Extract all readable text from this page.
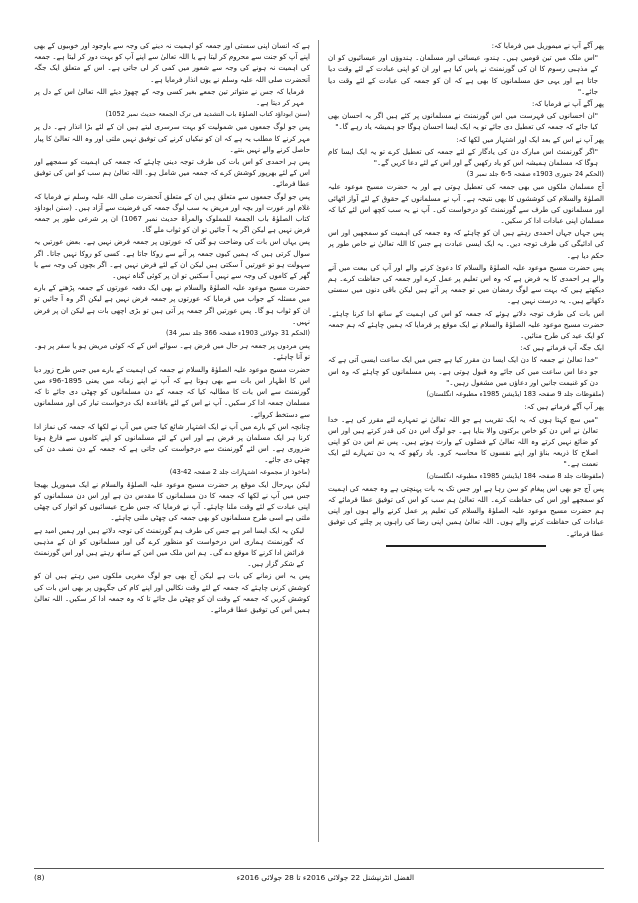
ہے کہ انسان اپنی سستی اور جمعہ کو اہمیت نہ دینے کی وجہ سے باوجود اور خوبیوں کے بھی اپنے آپ کو جنت سے محروم کر لیتا ہے یا اللہ تعالیٰ سے اپنے آپ کو بہت دور کر لیتا ہے۔ جمعہ کی اہمیت نہ ہونے کی وجہ سے شعور میں کمی کر لی جاتی ہے۔ اس کے متعلق ایک جگہ آنحضرت صلی اللہ علیہ وسلم نے یوں انذار فرمایا ہے۔

فرمایا کہ جس نے متواتر تین جمعے بغیر کسی وجہ کے چھوڑ دیئے اللہ تعالیٰ اس کے دل پر مہر کر دیتا ہے۔

(سنن ابوداؤد کتاب الصلوٰۃ باب التشدید فی ترک الجمعۃ حدیث نمبر 1052)

پس جو لوگ جمعوں میں شمولیت کو بہت سرسری لیتے ہیں ان کے لئے بڑا انذار ہے۔ دل پر مہر کرنے کا مطلب یہ ہے کہ ان کو نیکیاں کرنے کی توفیق نہیں ملتی اور وہ اللہ تعالیٰ کا پیار حاصل کرنے والے نہیں بنتے۔

پس ہر احمدی کو اس بات کی طرف توجہ دینی چاہئے کہ جمعہ کی اہمیت کو سمجھے اور اس کے لئے بھرپور کوشش کرے کہ جمعہ میں شامل ہو۔ اللہ تعالیٰ ہم سب کو اس کی توفیق عطا فرمائے۔

پس جو لوگ جمعوں سے متعلق ہیں ان کے متعلق آنحضرت صلی اللہ علیہ وسلم نے فرمایا کہ غلام اور عورت اور بچہ اور مریض یہ سب لوگ جمعہ کی فرضیت سے آزاد ہیں۔ (سنن ابوداؤد کتاب الصلوٰۃ باب الجمعۃ للمملوک والمرأۃ حدیث نمبر 1067) ان پر شرعی طور پر جمعہ فرض نہیں ہے لیکن اگر یہ آ جائیں تو ان کو ثواب ملے گا۔

پس یہاں اس بات کی وضاحت ہو گئی کہ عورتوں پر جمعہ فرض نہیں ہے۔ بعض عورتیں یہ سوال کرتی ہیں کہ ہمیں کیوں جمعہ پر آنے سے روکا جاتا ہے۔ کسی کو روکا نہیں جاتا۔ اگر سہولت ہو تو عورتیں آ سکتی ہیں لیکن ان کے لئے فرض نہیں ہے۔ اگر بچوں کی وجہ سے یا گھر کے کاموں کی وجہ سے نہیں آ سکتیں تو ان پر کوئی گناہ نہیں۔

حضرت مسیح موعود علیہ الصلوٰۃ والسلام نے بھی ایک دفعہ عورتوں کے جمعہ پڑھنے کے بارے میں مسئلہ کے جواب میں فرمایا کہ عورتوں پر جمعہ فرض نہیں ہے لیکن اگر وہ آ جائیں تو ان کو ثواب ہو گا۔ پس عورتیں اگر جمعہ پر آتی ہیں تو بڑی اچھی بات ہے لیکن ان پر فرض نہیں۔

(الحکم 31 جولائی 1903ء صفحہ 366 جلد نمبر 34)

پس مردوں پر جمعہ ہر حال میں فرض ہے۔ سوائے اس کے کہ کوئی مریض ہو یا سفر پر ہو۔ تو آنا چاہئے۔

حضرت مسیح موعود علیہ الصلوٰۃ والسلام نے جمعہ کی اہمیت کے بارے میں جس طرح زور دیا اس کا اظہار اس بات سے بھی ہوتا ہے کہ آپ نے اپنے زمانہ میں یعنی 1895-96ء میں گورنمنٹ سے اس بات کا مطالبہ کیا کہ جمعہ کے دن مسلمانوں کو چھٹی دی جائے تا کہ مسلمان جمعہ ادا کر سکیں۔ آپ نے اس کے لئے باقاعدہ ایک درخواست تیار کی اور مسلمانوں سے دستخط کروائے۔

چنانچہ اس کے بارے میں آپ نے ایک اشتہار شائع کیا جس میں آپ نے لکھا کہ جمعہ کی نماز ادا کرنا ہر ایک مسلمان پر فرض ہے اور اس کے لئے مسلمانوں کو اپنے کاموں سے فارغ ہونا ضروری ہے۔ اس لئے گورنمنٹ سے درخواست کی جاتی ہے کہ جمعہ کے دن نصف دن کی چھٹی دی جائے۔

(ماخوذ از مجموعہ اشتہارات جلد 2 صفحہ 42-43)

لیکن بہرحال ایک موقع پر حضرت مسیح موعود علیہ الصلوٰۃ والسلام نے ایک میموریل بھیجا جس میں آپ نے لکھا کہ جمعہ کا دن مسلمانوں کا مقدس دن ہے اور اس دن مسلمانوں کو اپنی عبادت کے لئے وقت ملنا چاہئے۔ آپ نے فرمایا کہ جس طرح عیسائیوں کو اتوار کی چھٹی ملتی ہے اسی طرح مسلمانوں کو بھی جمعہ کی چھٹی ملنی چاہئے۔

لیکن یہ ایک ایسا امر ہے جس کی طرف ہم گورنمنٹ کی توجہ دلاتے ہیں اور ہمیں امید ہے کہ گورنمنٹ ہماری اس درخواست کو منظور کرے گی اور مسلمانوں کو ان کے مذہبی فرائض ادا کرنے کا موقع دے گی۔ ہم اس ملک میں امن کے ساتھ رہتے ہیں اور اس گورنمنٹ کے شکر گزار ہیں۔

پس یہ اس زمانے کی بات ہے لیکن آج بھی جو لوگ مغربی ملکوں میں رہتے ہیں ان کو کوشش کرنی چاہئے کہ جمعہ کے لئے وقت نکالیں اور اپنے کام کی جگہوں پر بھی اس بات کی کوشش کریں کہ جمعہ کے وقت ان کو چھٹی مل جائے تا کہ وہ جمعہ ادا کر سکیں۔ اللہ تعالیٰ ہمیں اس کی توفیق عطا فرمائے۔

پھر آگے آپ نے میموریل میں فرمایا کہ:

"اس ملک میں تین قومیں ہیں۔ ہندو، عیسائی اور مسلمان۔ ہندوؤں اور عیسائیوں کو ان کے مذہبی رسوم کا ان کی گورنمنٹ نے پاس کیا ہے اور ان کو اپنی عبادت کے لئے وقت دیا جاتا ہے اور یہی حق مسلمانوں کا بھی ہے کہ ان کو جمعہ کی عبادت کے لئے وقت دیا جائے۔"

پھر آگے آپ نے فرمایا کہ:

"ان احسانوں کی فہرست میں اس گورنمنٹ نے مسلمانوں پر کئے ہیں اگر یہ احسان بھی کیا جائے کہ جمعہ کی تعطیل دی جائے تو یہ ایک ایسا احسان ہوگا جو ہمیشہ یاد رہے گا۔"

پھر آپ نے اس کے بعد ایک اور اشتہار میں لکھا کہ:

"اگر گورنمنٹ اس مبارک دن کی یادگار کے لئے جمعہ کی تعطیل کرے تو یہ ایک ایسا کام ہوگا کہ مسلمان ہمیشہ اس کو یاد رکھیں گے اور اس کے لئے دعا کریں گے۔"

(الحکم 24 جنوری 1903ء صفحہ 5-6 جلد نمبر 3)

آج مسلمان ملکوں میں بھی جمعہ کی تعطیل ہوتی ہے اور یہ حضرت مسیح موعود علیہ الصلوٰۃ والسلام کی کوششوں کا بھی نتیجہ ہے۔ آپ نے مسلمانوں کے حقوق کے لئے آواز اٹھائی اور مسلمانوں کی طرف سے گورنمنٹ کو درخواست کی۔ آپ نے یہ سب کچھ اس لئے کیا کہ مسلمان اپنی عبادات ادا کر سکیں۔

پس جہاں جہاں احمدی رہتے ہیں ان کو چاہئے کہ وہ جمعہ کی اہمیت کو سمجھیں اور اس کی ادائیگی کی طرف توجہ دیں۔ یہ ایک ایسی عبادت ہے جس کا اللہ تعالیٰ نے خاص طور پر حکم دیا ہے۔

پس حضرت مسیح موعود علیہ الصلوٰۃ والسلام کا دعویٰ کرنے والے اور آپ کی بیعت میں آنے والے ہر احمدی کا یہ فرض ہے کہ وہ اس تعلیم پر عمل کرے اور جمعہ کی حفاظت کرے۔ ہم دیکھتے ہیں کہ بہت سے لوگ رمضان میں تو جمعہ پر آتے ہیں لیکن باقی دنوں میں سستی دکھاتے ہیں۔ یہ درست نہیں ہے۔

اس بات کی طرف توجہ دلاتے ہوئے کہ جمعہ کو اس کی اہمیت کے ساتھ ادا کرنا چاہئے۔ حضرت مسیح موعود علیہ الصلوٰۃ والسلام نے ایک موقع پر فرمایا کہ ہمیں چاہئے کہ ہم جمعہ کو ایک عید کی طرح منائیں۔

ایک جگہ آپ فرماتے ہیں کہ:

"خدا تعالیٰ نے جمعہ کا دن ایک ایسا دن مقرر کیا ہے جس میں ایک ساعت ایسی آتی ہے کہ جو دعا اس ساعت میں کی جائے وہ قبول ہوتی ہے۔ پس مسلمانوں کو چاہئے کہ وہ اس دن کو غنیمت جانیں اور دعاؤں میں مشغول رہیں۔"

(ملفوظات جلد 9 صفحہ 183 ایڈیشن 1985ء مطبوعہ انگلستان)

پھر آپ آگے فرماتے ہیں کہ:

"میں سچ کہتا ہوں کہ یہ ایک تقریب ہے جو اللہ تعالیٰ نے تمہارے لئے مقرر کی ہے۔ خدا تعالیٰ نے اس دن کو خاص برکتوں والا بنایا ہے۔ جو لوگ اس دن کی قدر کرتے ہیں اور اس کو ضائع نہیں کرتے وہ اللہ تعالیٰ کے فضلوں کے وارث ہوتے ہیں۔ پس تم اس دن کو اپنی اصلاح کا ذریعہ بناؤ اور اپنے نفسوں کا محاسبہ کرو۔ یاد رکھو کہ یہ دن تمہارے لئے ایک نعمت ہے۔"

(ملفوظات جلد 8 صفحہ 184 ایڈیشن 1985ء مطبوعہ انگلستان)

پس آج جو بھی اس پیغام کو سن رہا ہے اور جس تک یہ بات پہنچتی ہے وہ جمعہ کی اہمیت کو سمجھے اور اس کی حفاظت کرے۔ اللہ تعالیٰ ہم سب کو اس کی توفیق عطا فرمائے کہ ہم حضرت مسیح موعود علیہ الصلوٰۃ والسلام کی تعلیم پر عمل کرنے والے ہوں اور اپنی عبادات کی حفاظت کرنے والے ہوں۔ اللہ تعالیٰ ہمیں اپنی رضا کی راہوں پر چلنے کی توفیق عطا فرمائے۔

الفضل انٹرنیشنل 22 جولائی 2016ء تا 28 جولائی 2016ء
(8)
